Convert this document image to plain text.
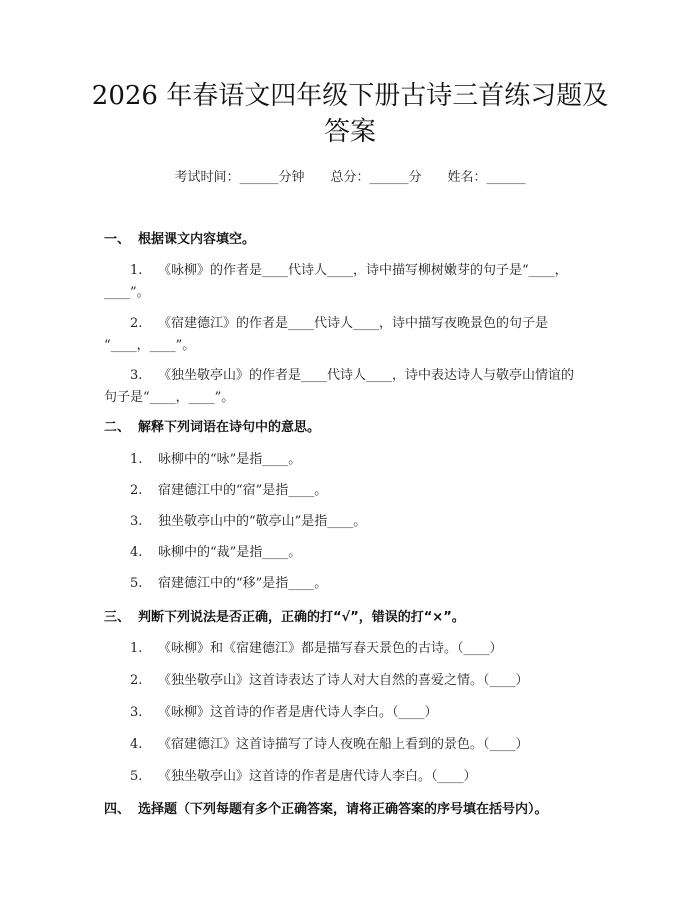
2026 年春语文四年级下册古诗三首练习题及
答案
考试时间：______分钟 总分：______分 姓名：______
一、 根据课文内容填空。
1. 《咏柳》的作者是____代诗人____，诗中描写柳树嫩芽的句子是“____，
____”。
2. 《宿建德江》的作者是____代诗人____，诗中描写夜晚景色的句子是
“____，____”。
3. 《独坐敬亭山》的作者是____代诗人____，诗中表达诗人与敬亭山情谊的
句子是“____，____”。
二、 解释下列词语在诗句中的意思。
1. 咏柳中的“咏”是指____。
2. 宿建德江中的“宿”是指____。
3. 独坐敬亭山中的“敬亭山”是指____。
4. 咏柳中的“裁”是指____。
5. 宿建德江中的“移”是指____。
三、 判断下列说法是否正确，正确的打“√”，错误的打“×”。
1. 《咏柳》和《宿建德江》都是描写春天景色的古诗。（____）
2. 《独坐敬亭山》这首诗表达了诗人对大自然的喜爱之情。（____）
3. 《咏柳》这首诗的作者是唐代诗人李白。（____）
4. 《宿建德江》这首诗描写了诗人夜晚在船上看到的景色。（____）
5. 《独坐敬亭山》这首诗的作者是唐代诗人李白。（____）
四、 选择题（下列每题有多个正确答案，请将正确答案的序号填在括号内）。
